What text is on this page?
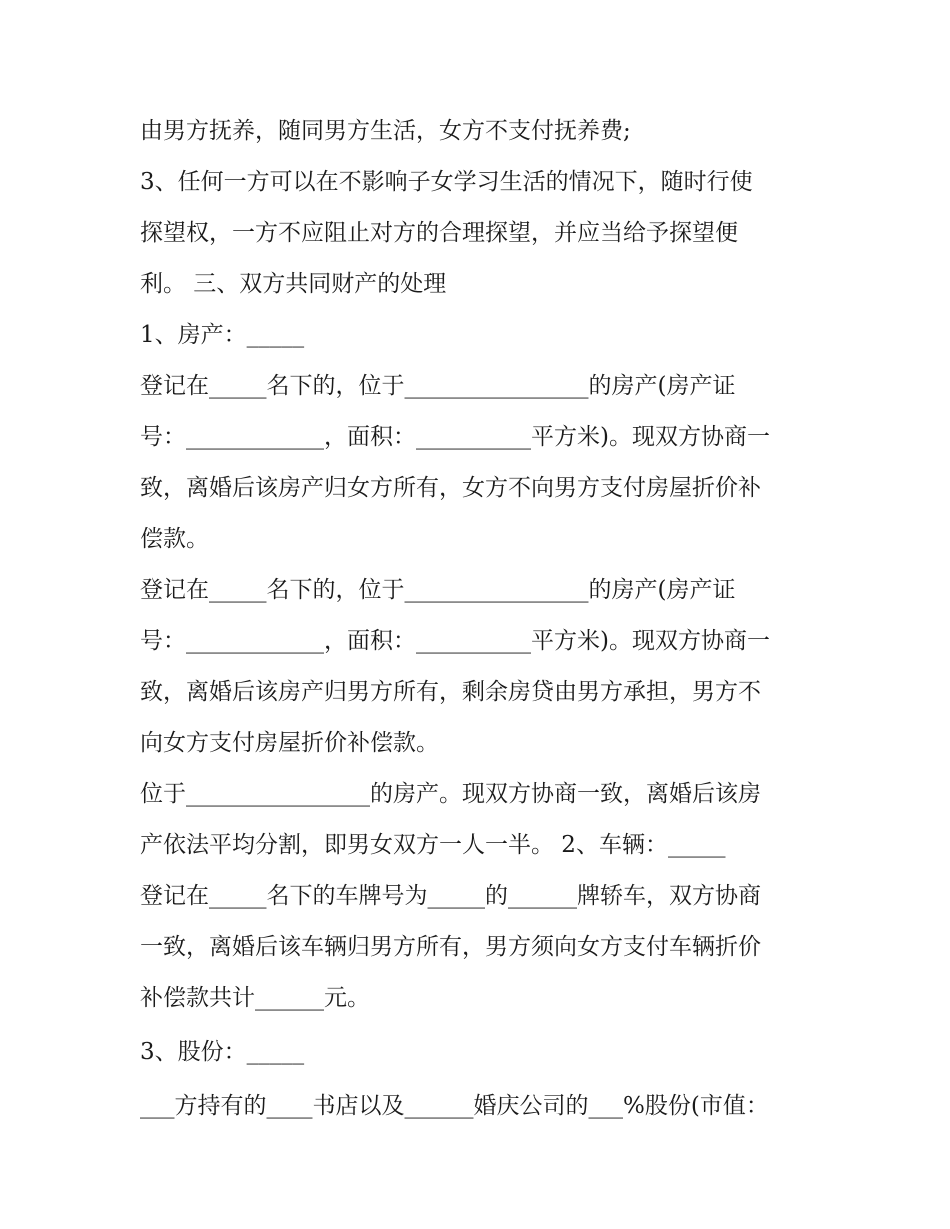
由男方抚养，随同男方生活，女方不支付抚养费;
3、任何一方可以在不影响子女学习生活的情况下，随时行使
探望权，一方不应阻止对方的合理探望，并应当给予探望便
利。 三、双方共同财产的处理
1、房产：_____
登记在_____名下的，位于________________的房产(房产证
号：____________，面积：__________平方米)。现双方协商一
致，离婚后该房产归女方所有，女方不向男方支付房屋折价补
偿款。
登记在_____名下的，位于________________的房产(房产证
号：____________，面积：__________平方米)。现双方协商一
致，离婚后该房产归男方所有，剩余房贷由男方承担，男方不
向女方支付房屋折价补偿款。
位于________________的房产。现双方协商一致，离婚后该房
产依法平均分割，即男女双方一人一半。 2、车辆：_____
登记在_____名下的车牌号为_____的______牌轿车，双方协商
一致，离婚后该车辆归男方所有，男方须向女方支付车辆折价
补偿款共计______元。
3、股份：_____
___方持有的____书店以及______婚庆公司的___%股份(市值：
